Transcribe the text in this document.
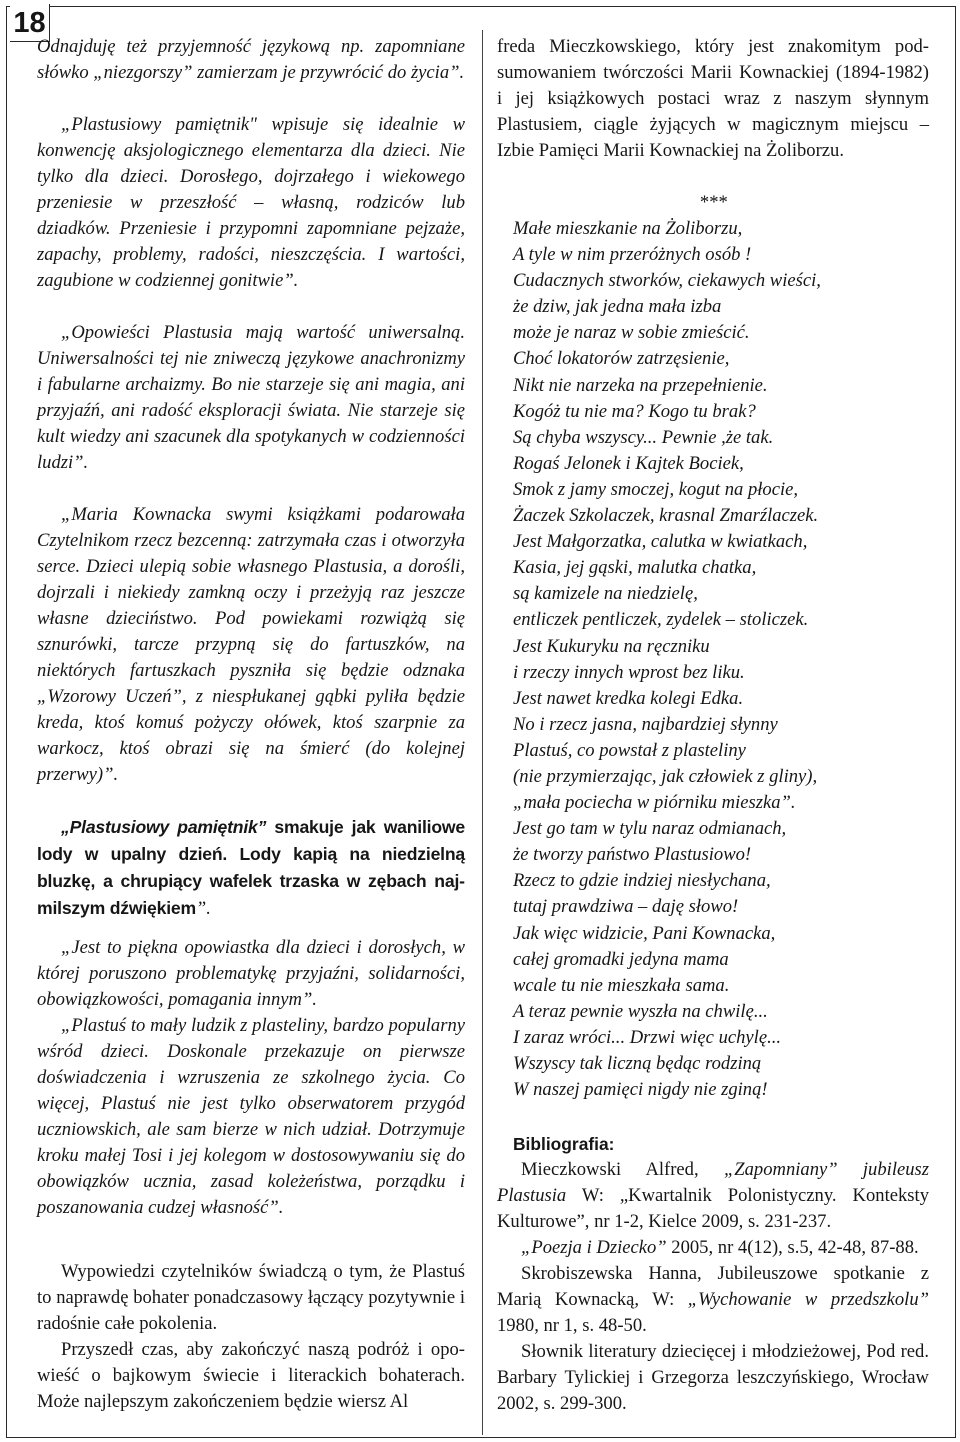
18

Odnajduję też przyjemność językową np. zapomniane słówko „niezgorszy” zamierzam je przywrócić do życia”.

„Plastusiowy pamiętnik" wpisuje się idealnie w konwencję aksjologicznego elementarza dla dzieci. Nie tylko dla dzieci. Dorosłego, dojrzałego i wiekowego przeniesie w przeszłość – własną, rodziców lub dziadków. Przeniesie i przypomni zapomniane pejzaże, zapachy, problemy, radości, nieszczęścia. I wartości, zagubione w codziennej gonitwie”.

„Opowieści Plastusia mają wartość uniwersalną. Uniwersalności tej nie zniweczą językowe anachronizmy i fabularne archaizmy. Bo nie starzeje się ani magia, ani przyjaźń, ani radość eksploracji świata. Nie starzeje się kult wiedzy ani szacunek dla spotykanych w codzienności ludzi”.

„Maria Kownacka swymi książkami podarowała Czytelnikom rzecz bezcenną: zatrzymała czas i otworzyła serce. Dzieci ulepią sobie własnego Plastusia, a dorośli, dojrzali i niekiedy zamkną oczy i przeżyją raz jeszcze własne dzieciństwo. Pod powiekami rozwiążą się sznurówki, tarcze przypną się do fartuszków, na niektórych fartuszkach pyszniła się będzie odznaka „Wzorowy Uczeń”, z niespłukanej gąbki pyliła będzie kreda, ktoś komuś pożyczy ołówek, ktoś szarpnie za warkocz, ktoś obrazi się na śmierć (do kolejnej przerwy)”.

„Plastusiowy pamiętnik” smakuje jak waniliowe lody w upalny dzień. Lody kapią na niedzielną bluzkę, a chrupiący wafelek trzaska w zębach najmilszym dźwiękiem”.

„Jest to piękna opowiastka dla dzieci i dorosłych, w której poruszono problematykę przyjaźni, solidarności, obowiązkowości, pomagania innym”.

„Plastuś to mały ludzik z plasteliny, bardzo popularny wśród dzieci. Doskonale przekazuje on pierwsze doświadczenia i wzruszenia ze szkolnego życia. Co więcej, Plastuś nie jest tylko obserwatorem przygód uczniowskich, ale sam bierze w nich udział. Dotrzymuje kroku małej Tosi i jej kolegom w dostosowywaniu się do obowiązków ucznia, zasad koleżeństwa, porządku i poszanowania cudzej własność”.

Wypowiedzi czytelników świadczą o tym, że Plastuś to naprawdę bohater ponadczasowy łączący pozytywnie i radośnie całe pokolenia.

Przyszedł czas, aby zakończyć naszą podróż i opowieść o bajkowym świecie i literackich bohaterach. Może najlepszym zakończeniem będzie wiersz Al

freda Mieczkowskiego, który jest znakomitym podsumowaniem twórczości Marii Kownackiej (1894-1982) i jej książkowych postaci wraz z naszym słynnym Plastusiem, ciągle żyjących w magicznym miejscu – Izbie Pamięci Marii Kownackiej na Żoliborzu.

***

Małe mieszkanie na Żoliborzu,
A tyle w nim przeróżnych osób !
Cudacznych stworków, ciekawych wieści,
że dziw, jak jedna mała izba
może je naraz w sobie zmieścić.
Choć lokatorów zatrzęsienie,
Nikt nie narzeka na przepełnienie.
Kogóż tu nie ma? Kogo tu brak?
Są chyba wszyscy... Pewnie ,że tak.
Rogaś Jelonek i Kajtek Bociek,
Smok z jamy smoczej, kogut na płocie,
Żaczek Szkolaczek, krasnal Zmarźlaczek.
Jest Małgorzatka, calutka w kwiatkach,
Kasia, jej gąski, malutka chatka,
są kamizele na niedzielę,
entliczek pentliczek, zydelek – stoliczek.
Jest Kukuryku na ręczniku
i rzeczy innych wprost bez liku.
Jest nawet kredka kolegi Edka.
No i rzecz jasna, najbardziej słynny
Plastuś, co powstał z plasteliny
(nie przymierzając, jak człowiek z gliny),
„mała pociecha w piórniku mieszka”.
Jest go tam w tylu naraz odmianach,
że tworzy państwo Plastusiowo!
Rzecz to gdzie indziej niesłychana,
tutaj prawdziwa – daję słowo!
Jak więc widzicie, Pani Kownacka,
całej gromadki jedyna mama
wcale tu nie mieszkała sama.
A teraz pewnie wyszła na chwilę...
I zaraz wróci... Drzwi więc uchylę...
Wszyscy tak liczną będąc rodziną
W naszej pamięci nigdy nie zginą!

Bibliografia:

Mieczkowski Alfred, „Zapomniany” jubileusz Plastusia W: „Kwartalnik Polonistyczny. Konteksty Kulturowe”, nr 1-2, Kielce 2009, s. 231-237.

„Poezja i Dziecko” 2005, nr 4(12), s.5, 42-48, 87-88.

Skrobiszewska Hanna, Jubileuszowe spotkanie z Marią Kownacką, W: „Wychowanie w przedszkolu” 1980, nr 1, s. 48-50.

Słownik literatury dziecięcej i młodzieżowej, Pod red. Barbary Tylickiej i Grzegorza leszczyńskiego, Wrocław 2002, s. 299-300.
